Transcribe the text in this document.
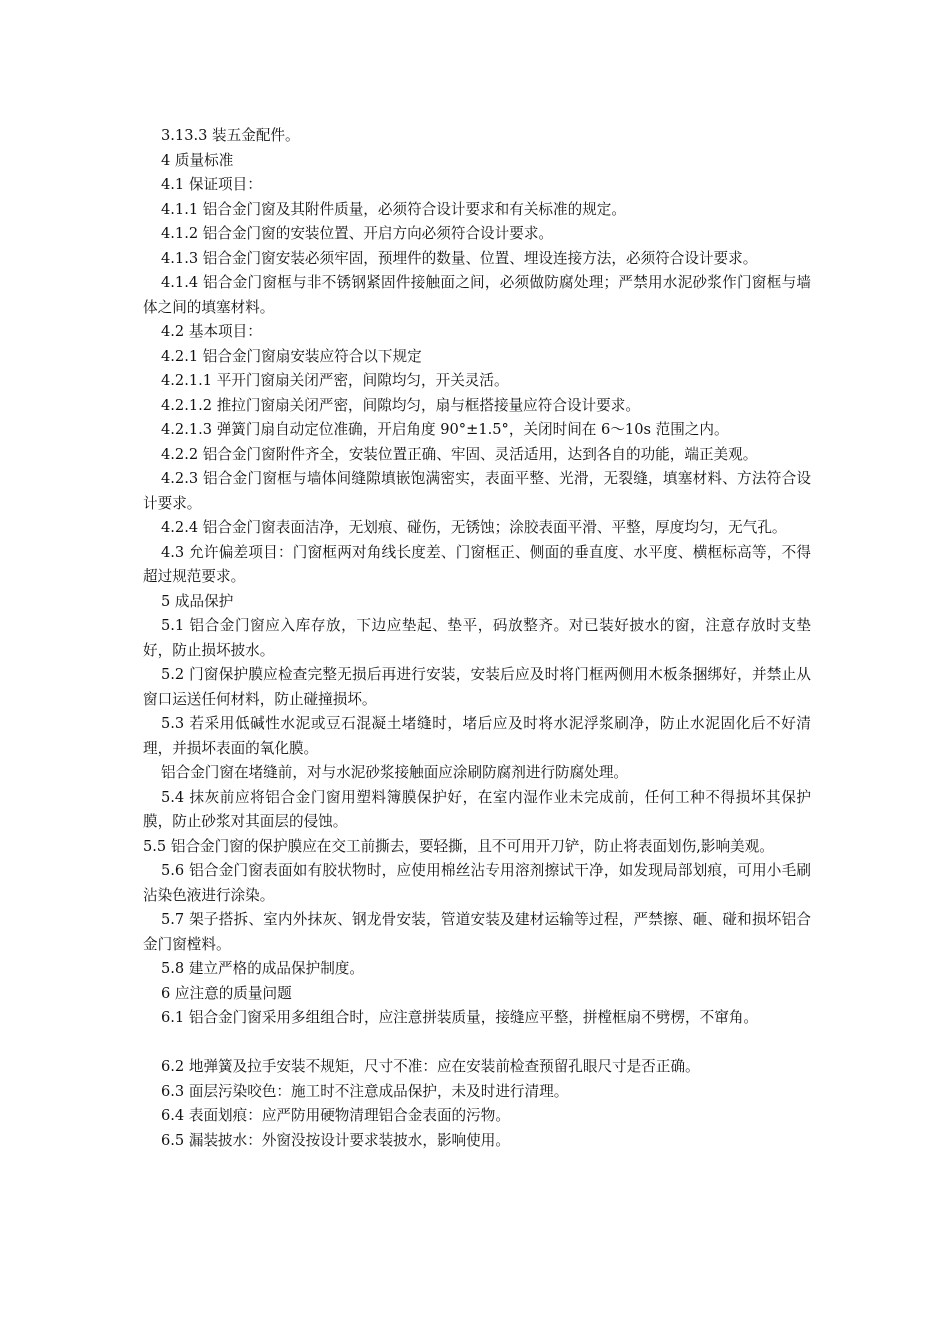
3.13.3 装五金配件。

4 质量标准

4.1 保证项目：

4.1.1 铝合金门窗及其附件质量，必须符合设计要求和有关标准的规定。

4.1.2 铝合金门窗的安装位置、开启方向必须符合设计要求。

4.1.3 铝合金门窗安装必须牢固，预埋件的数量、位置、埋设连接方法，必须符合设计要求。

4.1.4 铝合金门窗框与非不锈钢紧固件接触面之间，必须做防腐处理；严禁用水泥砂浆作门窗框与墙体之间的填塞材料。

4.2 基本项目：

4.2.1 铝合金门窗扇安装应符合以下规定

4.2.1.1 平开门窗扇关闭严密，间隙均匀，开关灵活。

4.2.1.2 推拉门窗扇关闭严密，间隙均匀，扇与框搭接量应符合设计要求。

4.2.1.3 弹簧门扇自动定位准确，开启角度 90°±1.5°，关闭时间在 6～10s 范围之内。

4.2.2 铝合金门窗附件齐全，安装位置正确、牢固、灵活适用，达到各自的功能，端正美观。

4.2.3 铝合金门窗框与墙体间缝隙填嵌饱满密实，表面平整、光滑，无裂缝，填塞材料、方法符合设计要求。

4.2.4 铝合金门窗表面洁净，无划痕、碰伤，无锈蚀；涂胶表面平滑、平整，厚度均匀，无气孔。

4.3 允许偏差项目：门窗框两对角线长度差、门窗框正、侧面的垂直度、水平度、横框标高等，不得超过规范要求。

5 成品保护

5.1 铝合金门窗应入库存放，下边应垫起、垫平，码放整齐。对已装好披水的窗，注意存放时支垫好，防止损坏披水。

5.2 门窗保护膜应检查完整无损后再进行安装，安装后应及时将门框两侧用木板条捆绑好，并禁止从窗口运送任何材料，防止碰撞损坏。

5.3 若采用低碱性水泥或豆石混凝土堵缝时，堵后应及时将水泥浮浆刷净，防止水泥固化后不好清理，并损坏表面的氧化膜。

铝合金门窗在堵缝前，对与水泥砂浆接触面应涂刷防腐剂进行防腐处理。

5.4 抹灰前应将铝合金门窗用塑料簿膜保护好，在室内湿作业未完成前，任何工种不得损坏其保护膜，防止砂浆对其面层的侵蚀。

5.5 铝合金门窗的保护膜应在交工前撕去，要轻撕，且不可用开刀铲，防止将表面划伤,影响美观。

5.6 铝合金门窗表面如有胶状物时，应使用棉丝沾专用溶剂擦试干净，如发现局部划痕，可用小毛刷沾染色液进行涂染。

5.7 架子搭拆、室内外抹灰、钢龙骨安装，管道安装及建材运输等过程，严禁擦、砸、碰和损坏铝合金门窗樘料。

5.8 建立严格的成品保护制度。

6 应注意的质量问题

6.1 铝合金门窗采用多组组合时，应注意拼装质量，接缝应平整，拼樘框扇不劈楞，不窜角。

6.2 地弹簧及拉手安装不规矩，尺寸不准：应在安装前检查预留孔眼尺寸是否正确。

6.3 面层污染咬色：施工时不注意成品保护，未及时进行清理。

6.4 表面划痕：应严防用硬物清理铝合金表面的污物。

6.5 漏装披水：外窗没按设计要求装披水，影响使用。
